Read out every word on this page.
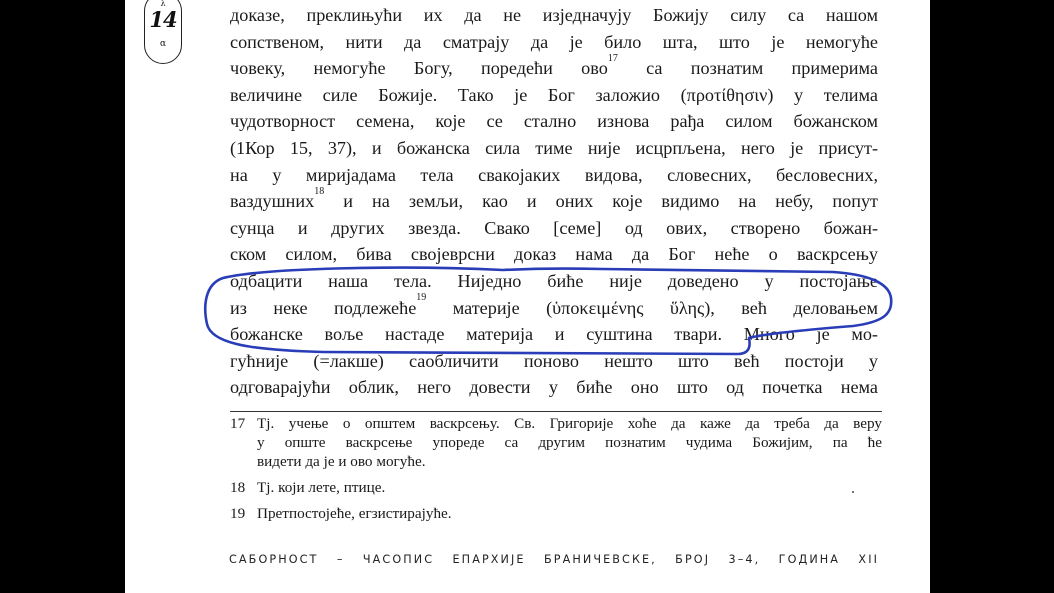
λ
14
α
доказе, преклињући их да не изједначују Божију силу са нашом
сопственом, нити да сматрају да је било шта, што је немогуће
човеку, немогуће Богу, поредећи ово$^{17}$ са познатим примерима
величине силе Божије. Тако је Бог заложио (προτίθησιν) у телима
чудотворност семена, које се стално изнова рађа силом божанском
(1Кор 15, 37), и божанска сила тиме није исцрпљена, него је присут-
на у миријадама тела свакојаких видова, словесних, бесловесних,
ваздушних$^{18}$ и на земљи, као и оних које видимо на небу, попут
сунца и других звезда. Свако [семе] од ових, створено божан-
ском силом, бива својеврсни доказ нама да Бог неће о васкрсењу
одбацити наша тела. Ниједно биће није доведено у постојање
из неке подлежеће$^{19}$ материје (ὑποκειμένης ὕλης), већ деловањем
божанске воље настаде материја и суштина твари. Много је мо-
гућније (=лакше) саобличити поново нешто што већ постоји у
одговарајући облик, него довести у биће оно што од почетка нема
17 Тј. учење о општем васкрсењу. Св. Григорије хоће да каже да треба да веру
у опште васкрсење упореде са другим познатим чудима Божијим, па ће
видети да је и ово могуће.
18 Тј. који лете, птице.
19 Претпостојеће, егзистирајуће.
САБОРНОСТ – ЧАСОПИС ЕПАРХИЈЕ БРАНИЧЕВСКЕ, БРОЈ 3–4, ГОДИНА XII
